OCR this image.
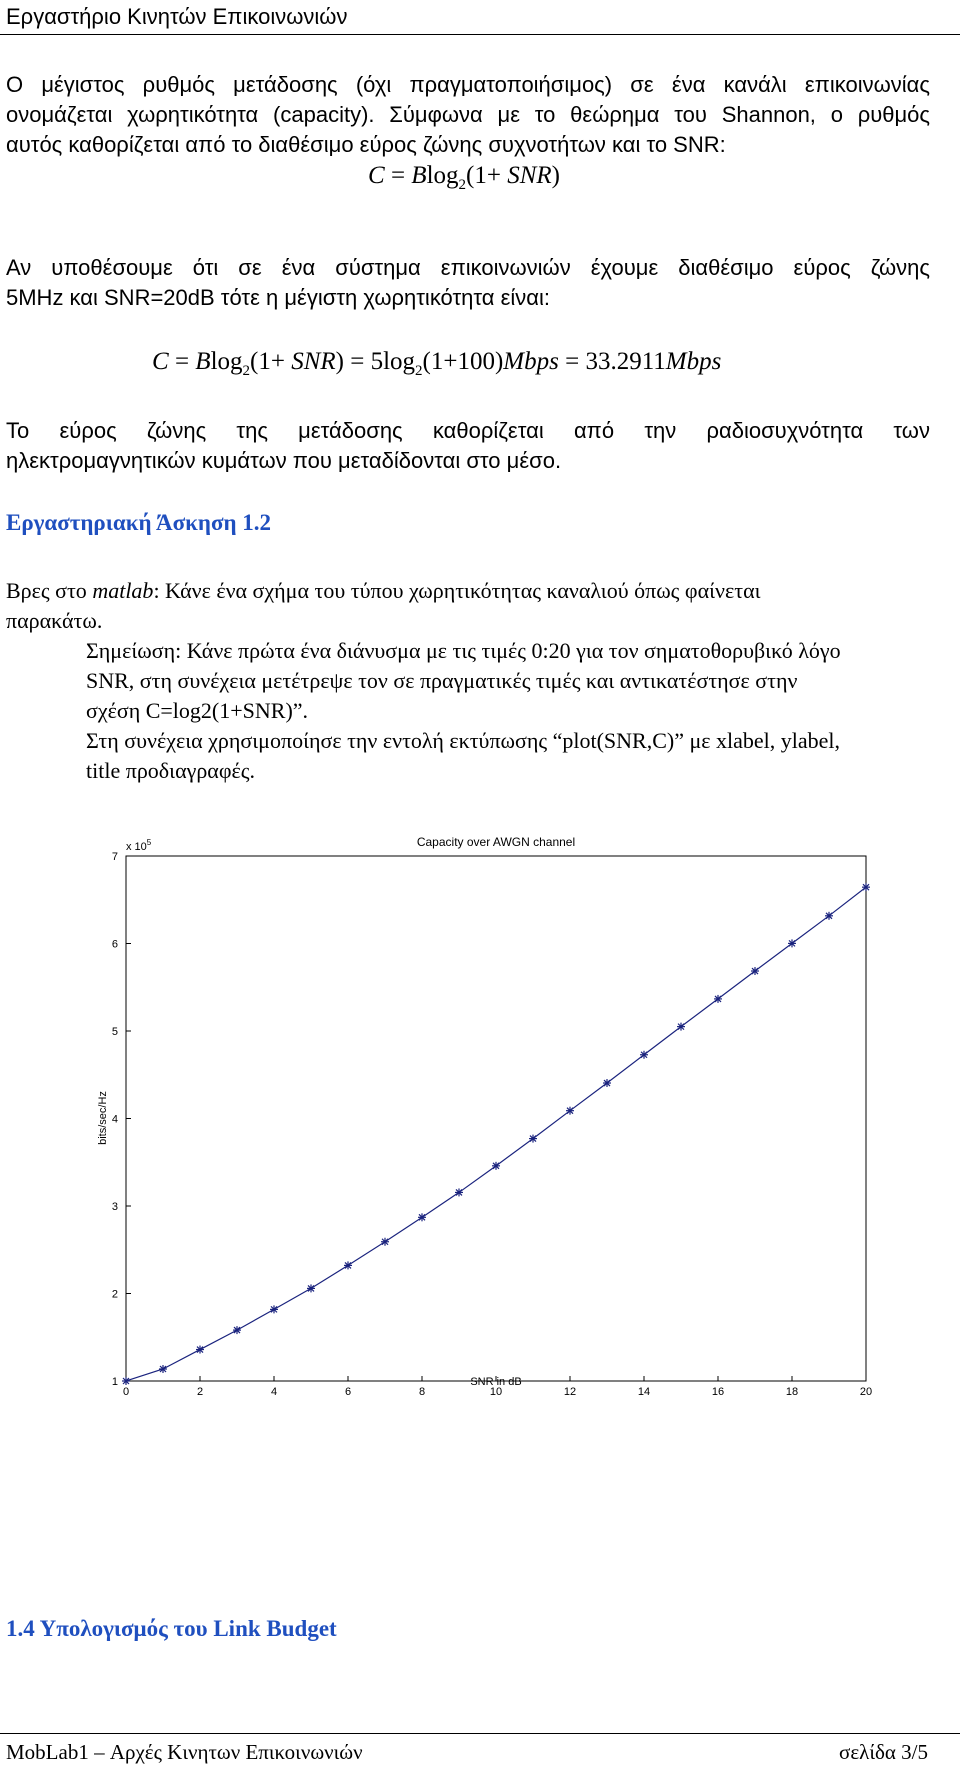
Εργαστήριο Κινητών Επικοινωνιών
Ο μέγιστος ρυθμός μετάδοσης (όχι πραγματοποιήσιμος) σε ένα κανάλι επικοινωνίας
ονομάζεται χωρητικότητα (capacity). Σύμφωνα με το θεώρημα του Shannon, ο ρυθμός
αυτός καθορίζεται από το διαθέσιμο εύρος ζώνης συχνοτήτων και το SNR:
C = Blog$_2$(1+ SNR)
Αν υποθέσουμε ότι σε ένα σύστημα επικοινωνιών έχουμε διαθέσιμο εύρος ζώνης
5MHz και SNR=20dB τότε η μέγιστη χωρητικότητα είναι:
$C = Blog_2(1+ SNR) = 5\log_2(1+100)Mbps$ = 33.2911Mbps
Το εύρος ζώνης της μετάδοσης καθορίζεται από την ραδιοσυχνότητα των
ηλεκτρομαγνητικών κυμάτων που μεταδίδονται στο μέσο.
Εργαστηριακή Άσκηση 1.2
Βρες στο matlab: Κάνε ένα σχήμα του τύπου χωρητικότητας καναλιού όπως φαίνεται
παρακάτω.
Σημείωση: Κάνε πρώτα ένα διάνυσμα με τις τιμές 0:20 για τον σηματοθορυβικό λόγο
SNR, στη συνέχεια μετέτρεψε τον σε πραγματικές τιμές και αντικατέστησε στην
σχέση C=log2(1+SNR)”.
Στη συνέχεια χρησιμοποίησε την εντολή εκτύπωσης “plot(SNR,C)” με xlabel, ylabel,
title προδιαγραφές.
Capacity over AWGN channel
x $10^5$
bits/sec/Hz
SNR in dB
0	2	4	6	8	10	12	14	16	18	20
1
2
3
4
5
6
7
1.4 Υπολογισμός του Link Budget
MobLab1 – Αρχές Κινητων Επικοινωνιών	σελίδα 3/5
